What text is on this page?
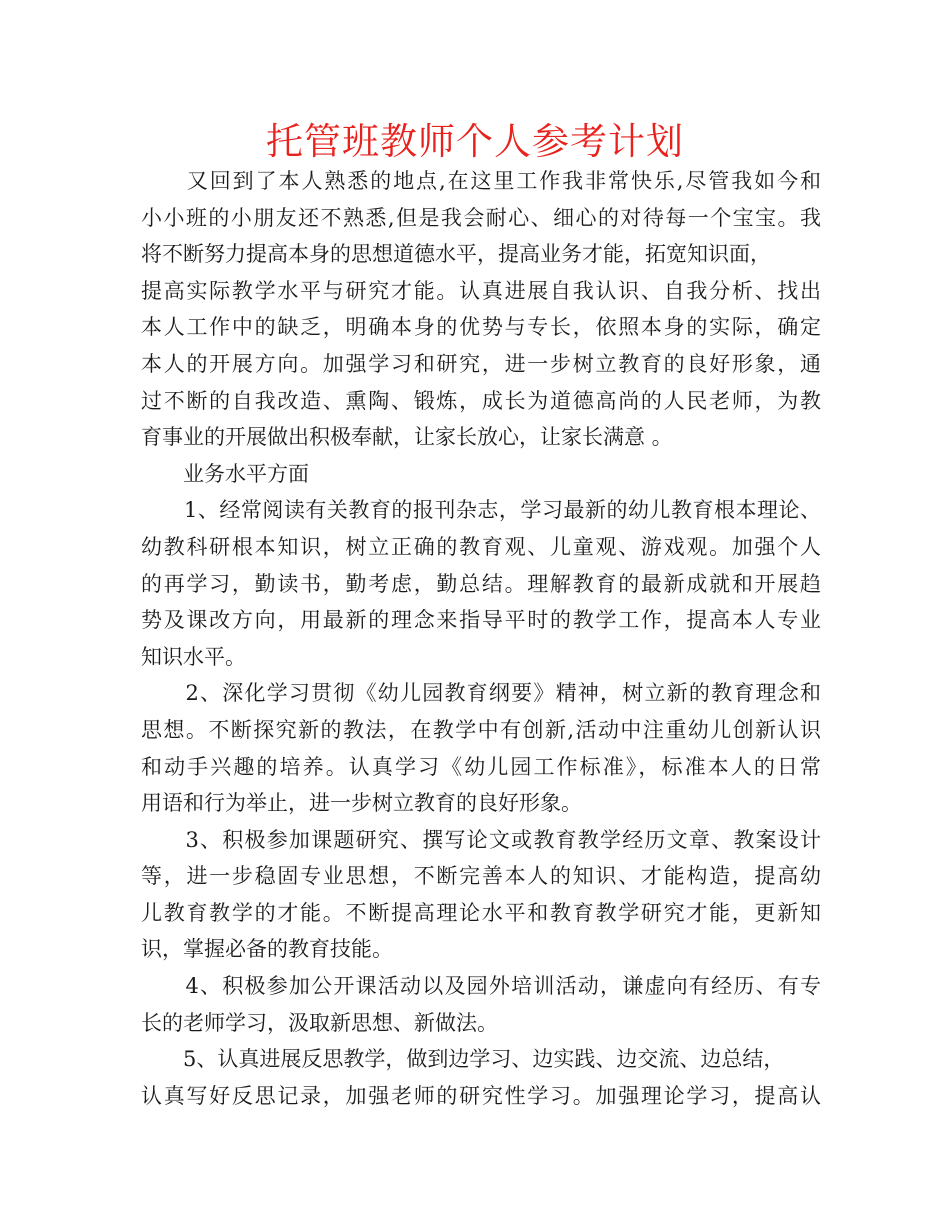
托管班教师个人参考计划
　　又回到了本人熟悉的地点,在这里工作我非常快乐,尽管我如今和
小小班的小朋友还不熟悉,但是我会耐心、细心的对待每一个宝宝。我
将不断努力提高本身的思想道德水平，提高业务才能，拓宽知识面，
提高实际教学水平与研究才能。认真进展自我认识、自我分析、找出
本人工作中的缺乏，明确本身的优势与专长，依照本身的实际，确定
本人的开展方向。加强学习和研究，进一步树立教育的良好形象，通
过不断的自我改造、熏陶、锻炼，成长为道德高尚的人民老师，为教
育事业的开展做出积极奉献，让家长放心，让家长满意 。
　　业务水平方面
　　1、经常阅读有关教育的报刊杂志，学习最新的幼儿教育根本理论、
幼教科研根本知识，树立正确的教育观、儿童观、游戏观。加强个人
的再学习，勤读书，勤考虑，勤总结。理解教育的最新成就和开展趋
势及课改方向，用最新的理念来指导平时的教学工作，提高本人专业
知识水平。
　　2、深化学习贯彻《幼儿园教育纲要》精神，树立新的教育理念和
思想。不断探究新的教法，在教学中有创新,活动中注重幼儿创新认识
和动手兴趣的培养。认真学习《幼儿园工作标准》，标准本人的日常
用语和行为举止，进一步树立教育的良好形象。
　　3、积极参加课题研究、撰写论文或教育教学经历文章、教案设计
等，进一步稳固专业思想，不断完善本人的知识、才能构造，提高幼
儿教育教学的才能。不断提高理论水平和教育教学研究才能，更新知
识，掌握必备的教育技能。
　　4、积极参加公开课活动以及园外培训活动，谦虚向有经历、有专
长的老师学习，汲取新思想、新做法。
　　5、认真进展反思教学，做到边学习、边实践、边交流、边总结，
认真写好反思记录，加强老师的研究性学习。加强理论学习，提高认
